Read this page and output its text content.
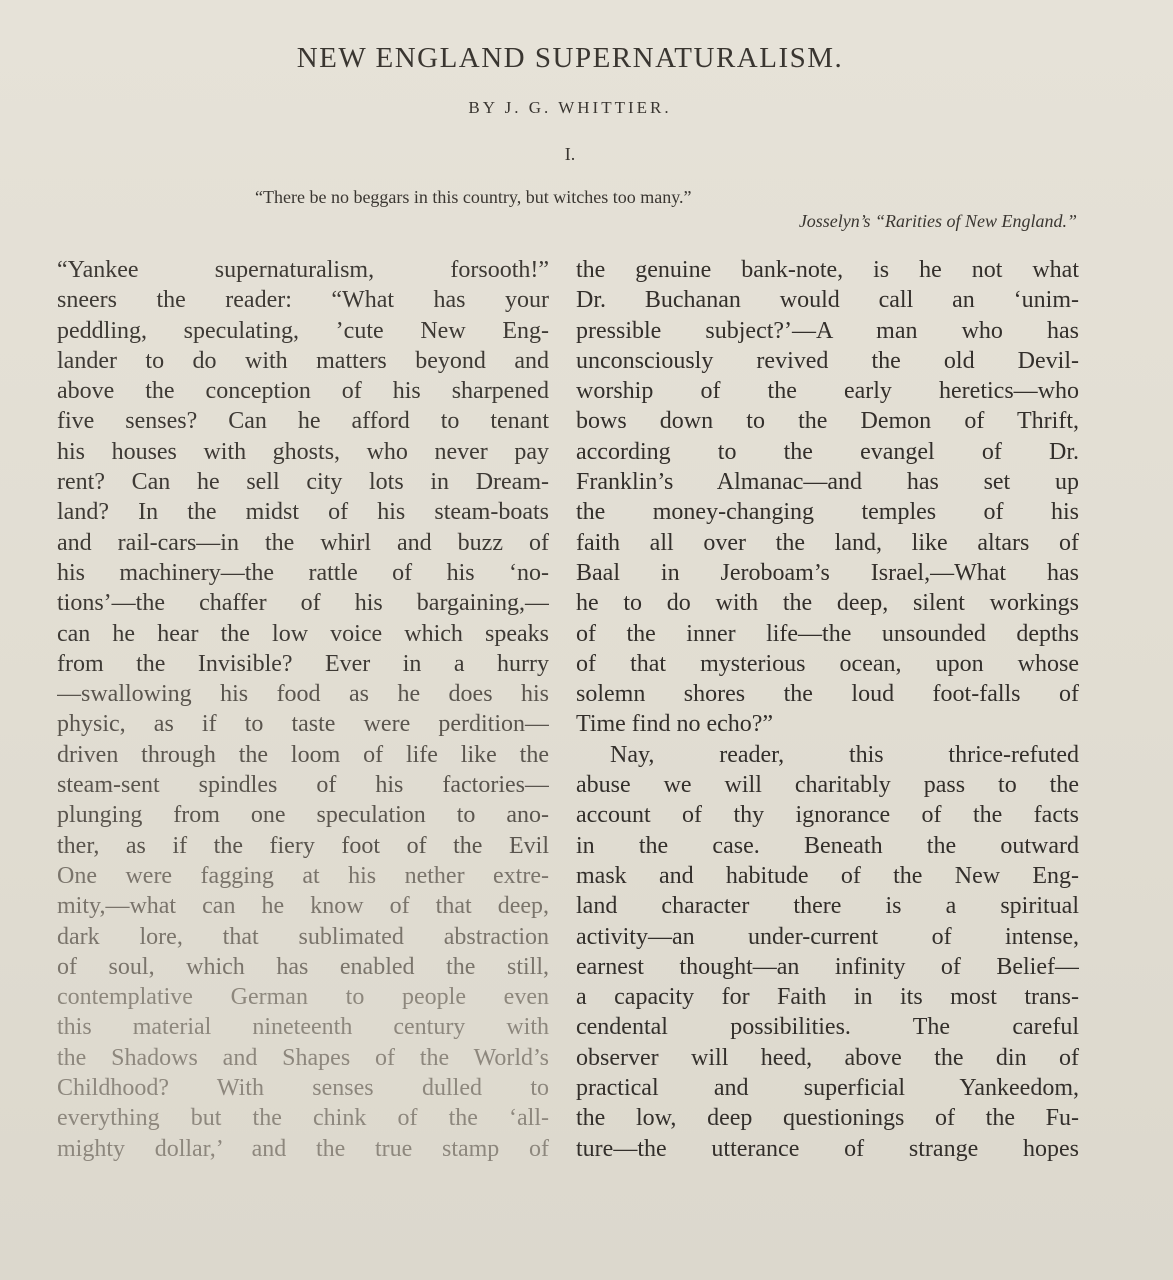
NEW ENGLAND SUPERNATURALISM.
BY J. G. WHITTIER.
I.
“There be no beggars in this country, but witches too many.”
Josselyn’s “Rarities of New England.”
“Yankee supernaturalism, forsooth!”
sneers the reader: “What has your
peddling, speculating, ’cute New Eng-
lander to do with matters beyond and
above the conception of his sharpened
five senses? Can he afford to tenant
his houses with ghosts, who never pay
rent? Can he sell city lots in Dream-
land? In the midst of his steam-boats
and rail-cars—in the whirl and buzz of
his machinery—the rattle of his ‘no-
tions’—the chaffer of his bargaining,—
can he hear the low voice which speaks
from the Invisible? Ever in a hurry
—swallowing his food as he does his
physic, as if to taste were perdition—
driven through the loom of life like the
steam-sent spindles of his factories—
plunging from one speculation to ano-
ther, as if the fiery foot of the Evil
One were fagging at his nether extre-
mity,—what can he know of that deep,
dark lore, that sublimated abstraction
of soul, which has enabled the still,
contemplative German to people even
this material nineteenth century with
the Shadows and Shapes of the World’s
Childhood? With senses dulled to
everything but the chink of the ‘all-
mighty dollar,’ and the true stamp of
the genuine bank-note, is he not what
Dr. Buchanan would call an ‘unim-
pressible subject?’—A man who has
unconsciously revived the old Devil-
worship of the early heretics—who
bows down to the Demon of Thrift,
according to the evangel of Dr.
Franklin’s Almanac—and has set up
the money-changing temples of his
faith all over the land, like altars of
Baal in Jeroboam’s Israel,—What has
he to do with the deep, silent workings
of the inner life—the unsounded depths
of that mysterious ocean, upon whose
solemn shores the loud foot-falls of
Time find no echo?”
Nay, reader, this thrice-refuted
abuse we will charitably pass to the
account of thy ignorance of the facts
in the case. Beneath the outward
mask and habitude of the New Eng-
land character there is a spiritual
activity—an under-current of intense,
earnest thought—an infinity of Belief—
a capacity for Faith in its most trans-
cendental possibilities. The careful
observer will heed, above the din of
practical and superficial Yankeedom,
the low, deep questionings of the Fu-
ture—the utterance of strange hopes
